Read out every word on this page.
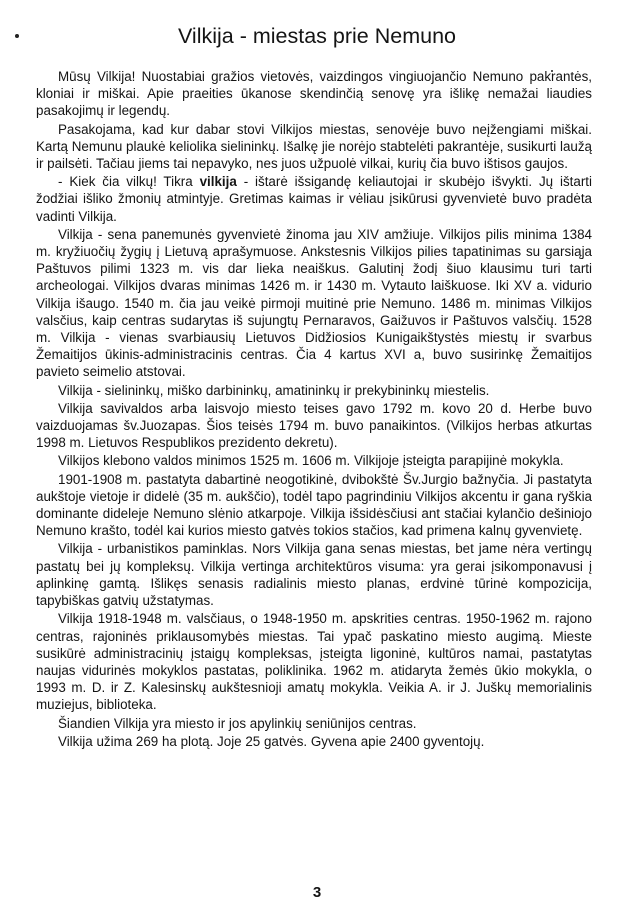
Vilkija - miestas prie Nemuno

Mūsų Vilkija! Nuostabiai gražios vietovės, vaizdingos vingiuojančio Nemuno pakrantės, kloniai ir miškai. Apie praeities ūkanose skendinčią senovę yra išlikę nemažai liaudies pasakojimų ir legendų.

Pasakojama, kad kur dabar stovi Vilkijos miestas, senovėje buvo neįžengiami miškai. Kartą Nemunu plaukė keliolika sielininkų. Išalkę jie norėjo stabtelėti pakrantėje, susikurti laužą ir pailsėti. Tačiau jiems tai nepavyko, nes juos užpuolė vilkai, kurių čia buvo ištisos gaujos.

- Kiek čia vilkų! Tikra vilkija - ištarė išsigandę keliautojai ir skubėjo išvykti. Jų ištarti žodžiai išliko žmonių atmintyje. Gretimas kaimas ir vėliau įsikūrusi gyvenvietė buvo pradėta vadinti Vilkija.

Vilkija - sena panemunės gyvenvietė žinoma jau XIV amžiuje. Vilkijos pilis minima 1384 m. kryžiuočių žygių į Lietuvą aprašymuose. Ankstesnis Vilkijos pilies tapatinimas su garsiąja Paštuvos pilimi 1323 m. vis dar lieka neaiškus. Galutinį žodį šiuo klausimu turi tarti archeologai. Vilkijos dvaras minimas 1426 m. ir 1430 m. Vytauto laiškuose. Iki XV a. vidurio Vilkija išaugo. 1540 m. čia jau veikė pirmoji muitinė prie Nemuno. 1486 m. minimas Vilkijos valsčius, kaip centras sudarytas iš sujungtų Pernaravos, Gaižuvos ir Paštuvos valsčių. 1528 m. Vilkija - vienas svarbiausių Lietuvos Didžiosios Kunigaikštystės miestų ir svarbus Žemaitijos ūkinis-administracinis centras. Čia 4 kartus XVI a, buvo susirinkę Žemaitijos pavieto seimelio atstovai.

Vilkija - sielininkų, miško darbininkų, amatininkų ir prekybininkų miestelis.

Vilkija savivaldos arba laisvojo miesto teises gavo 1792 m. kovo 20 d. Herbe buvo vaizduojamas šv.Juozapas. Šios teisės 1794 m. buvo panaikintos. (Vilkijos herbas atkurtas 1998 m. Lietuvos Respublikos prezidento dekretu).

Vilkijos klebono valdos minimos 1525 m. 1606 m. Vilkijoje įsteigta parapijinė mokykla.

1901-1908 m. pastatyta dabartinė neogotikinė, dvibokštė Šv.Jurgio bažnyčia. Ji pastatyta aukštoje vietoje ir didelė (35 m. aukščio), todėl tapo pagrindiniu Vilkijos akcentu ir gana ryškia dominante dideleje Nemuno slėnio atkarpoje. Vilkija išsidėsčiusi ant stačiai kylančio dešiniojo Nemuno krašto, todėl kai kurios miesto gatvės tokios stačios, kad primena kalnų gyvenvietę.

Vilkija - urbanistikos paminklas. Nors Vilkija gana senas miestas, bet jame nėra vertingų pastatų bei jų kompleksų. Vilkija vertinga architektūros visuma: yra gerai įsikomponavusi į aplinkinę gamtą. Išlikęs senasis radialinis miesto planas, erdvinė tūrinė kompozicija, tapybiškas gatvių užstatymas.

Vilkija 1918-1948 m. valsčiaus, o 1948-1950 m. apskrities centras. 1950-1962 m. rajono centras, rajoninės priklausomybės miestas. Tai ypač paskatino miesto augimą. Mieste susikūrė administracinių įstaigų kompleksas, įsteigta ligoninė, kultūros namai, pastatytas naujas vidurinės mokyklos pastatas, poliklinika. 1962 m. atidaryta žemės ūkio mokykla, o 1993 m. D. ir Z. Kalesinskų aukštesnioji amatų mokykla. Veikia A. ir J. Juškų memorialinis muziejus, biblioteka.

Šiandien Vilkija yra miesto ir jos apylinkių seniūnijos centras.

Vilkija užima 269 ha plotą. Joje 25 gatvės. Gyvena apie 2400 gyventojų.

3
